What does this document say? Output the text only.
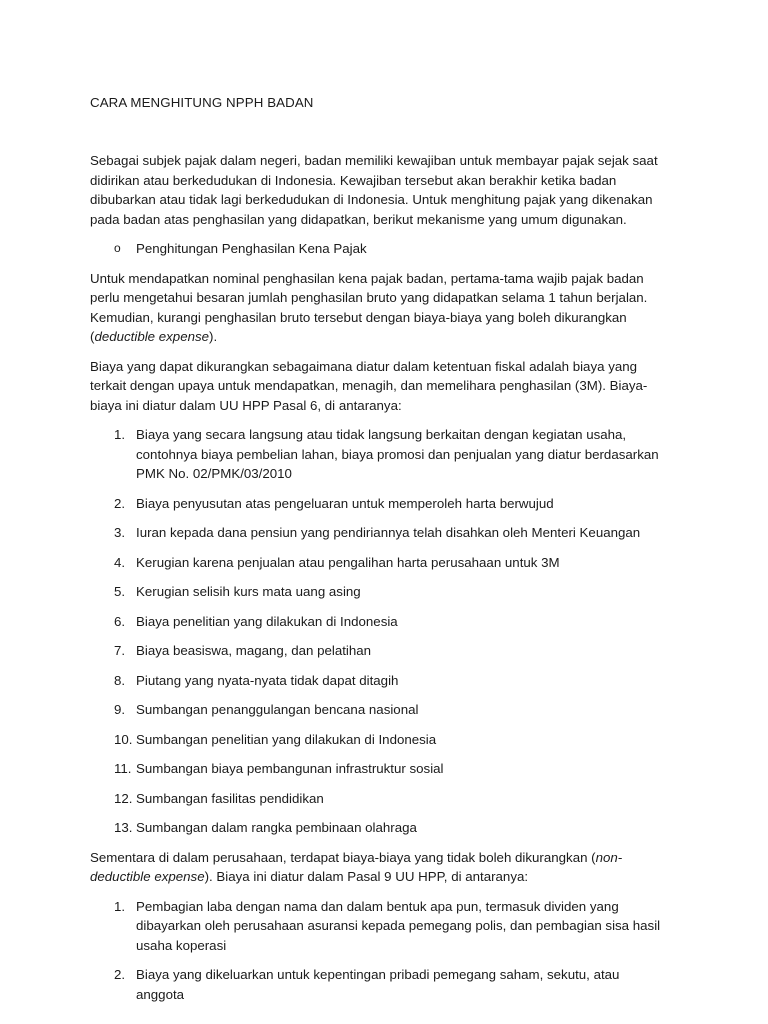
CARA MENGHITUNG NPPH BADAN

Sebagai subjek pajak dalam negeri, badan memiliki kewajiban untuk membayar pajak sejak saat didirikan atau berkedudukan di Indonesia. Kewajiban tersebut akan berakhir ketika badan dibubarkan atau tidak lagi berkedudukan di Indonesia. Untuk menghitung pajak yang dikenakan pada badan atas penghasilan yang didapatkan, berikut mekanisme yang umum digunakan.

o	Penghitungan Penghasilan Kena Pajak

Untuk mendapatkan nominal penghasilan kena pajak badan, pertama-tama wajib pajak badan perlu mengetahui besaran jumlah penghasilan bruto yang didapatkan selama 1 tahun berjalan. Kemudian, kurangi penghasilan bruto tersebut dengan biaya-biaya yang boleh dikurangkan (deductible expense).

Biaya yang dapat dikurangkan sebagaimana diatur dalam ketentuan fiskal adalah biaya yang terkait dengan upaya untuk mendapatkan, menagih, dan memelihara penghasilan (3M). Biaya-biaya ini diatur dalam UU HPP Pasal 6, di antaranya:

1. Biaya yang secara langsung atau tidak langsung berkaitan dengan kegiatan usaha, contohnya biaya pembelian lahan, biaya promosi dan penjualan yang diatur berdasarkan PMK No. 02/PMK/03/2010
2. Biaya penyusutan atas pengeluaran untuk memperoleh harta berwujud
3. Iuran kepada dana pensiun yang pendiriannya telah disahkan oleh Menteri Keuangan
4. Kerugian karena penjualan atau pengalihan harta perusahaan untuk 3M
5. Kerugian selisih kurs mata uang asing
6. Biaya penelitian yang dilakukan di Indonesia
7. Biaya beasiswa, magang, dan pelatihan
8. Piutang yang nyata-nyata tidak dapat ditagih
9. Sumbangan penanggulangan bencana nasional
10. Sumbangan penelitian yang dilakukan di Indonesia
11. Sumbangan biaya pembangunan infrastruktur sosial
12. Sumbangan fasilitas pendidikan
13. Sumbangan dalam rangka pembinaan olahraga

Sementara di dalam perusahaan, terdapat biaya-biaya yang tidak boleh dikurangkan (non-deductible expense). Biaya ini diatur dalam Pasal 9 UU HPP, di antaranya:

1. Pembagian laba dengan nama dan dalam bentuk apa pun, termasuk dividen yang dibayarkan oleh perusahaan asuransi kepada pemegang polis, dan pembagian sisa hasil usaha koperasi
2. Biaya yang dikeluarkan untuk kepentingan pribadi pemegang saham, sekutu, atau anggota
